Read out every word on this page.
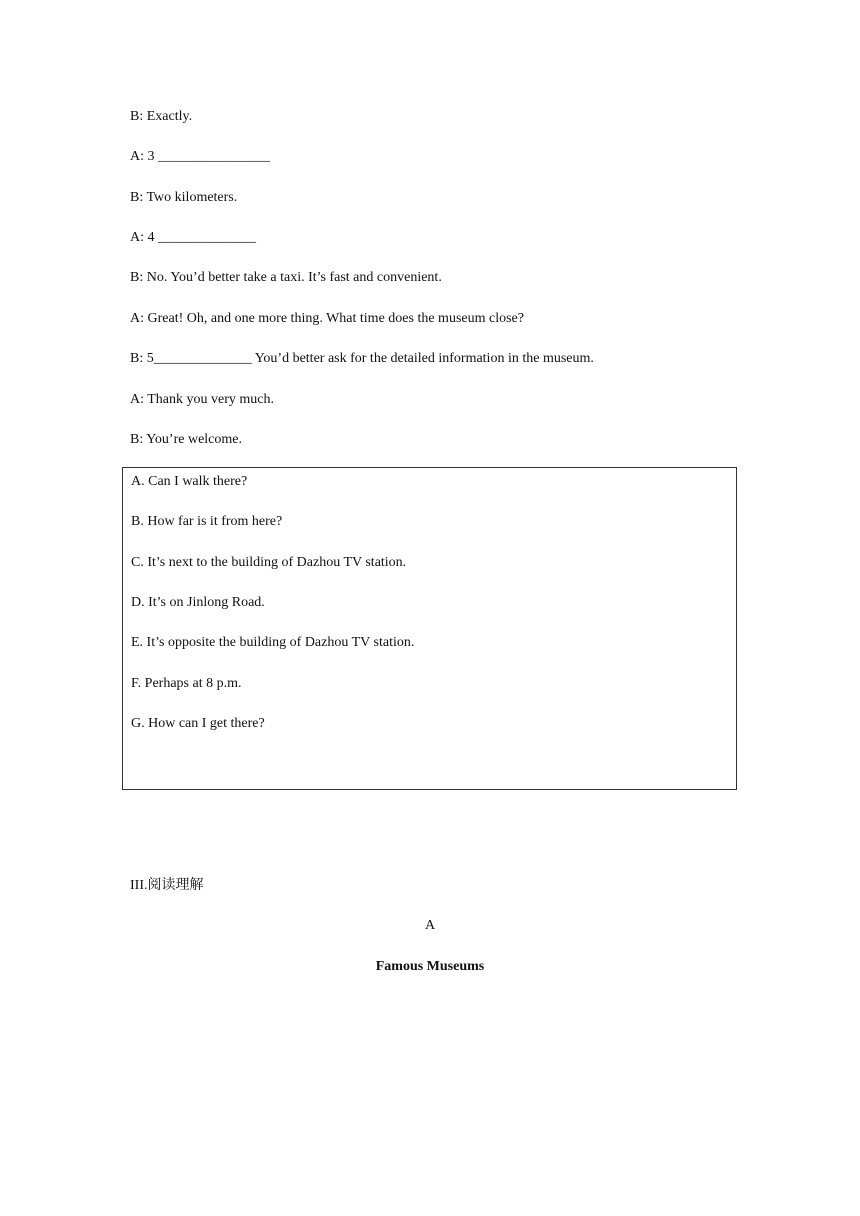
B: Exactly.
A: 3 ________________
B: Two kilometers.
A: 4 ______________
B: No. You’d better take a taxi. It’s fast and convenient.
A: Great! Oh, and one more thing. What time does the museum close?
B: 5______________ You’d better ask for the detailed information in the museum.
A: Thank you very much.
B: You’re welcome.
A. Can I walk there?
B. How far is it from here?
C. It’s next to the building of Dazhou TV station.
D. It’s on Jinlong Road.
E. It’s opposite the building of Dazhou TV station.
F. Perhaps at 8 p.m.
G. How can I get there?
III.阅读理解
A
Famous Museums
